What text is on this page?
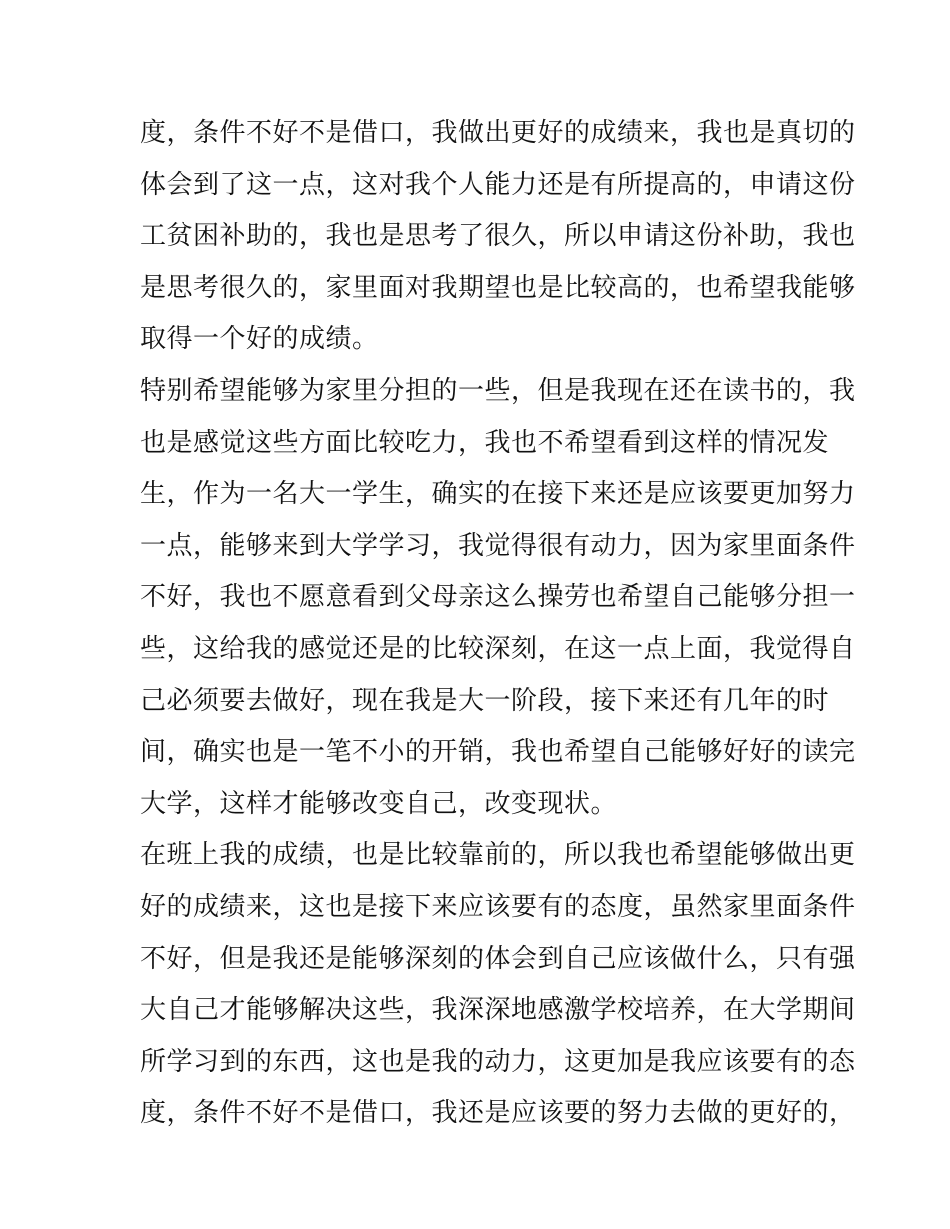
度，条件不好不是借口，我做出更好的成绩来，我也是真切的
体会到了这一点，这对我个人能力还是有所提高的，申请这份
工贫困补助的，我也是思考了很久，所以申请这份补助，我也
是思考很久的，家里面对我期望也是比较高的，也希望我能够
取得一个好的成绩。
特别希望能够为家里分担的一些，但是我现在还在读书的，我
也是感觉这些方面比较吃力，我也不希望看到这样的情况发
生，作为一名大一学生，确实的在接下来还是应该要更加努力
一点，能够来到大学学习，我觉得很有动力，因为家里面条件
不好，我也不愿意看到父母亲这么操劳也希望自己能够分担一
些，这给我的感觉还是的比较深刻，在这一点上面，我觉得自
己必须要去做好，现在我是大一阶段，接下来还有几年的时
间，确实也是一笔不小的开销，我也希望自己能够好好的读完
大学，这样才能够改变自己，改变现状。
在班上我的成绩，也是比较靠前的，所以我也希望能够做出更
好的成绩来，这也是接下来应该要有的态度，虽然家里面条件
不好，但是我还是能够深刻的体会到自己应该做什么，只有强
大自己才能够解决这些，我深深地感激学校培养，在大学期间
所学习到的东西，这也是我的动力，这更加是我应该要有的态
度，条件不好不是借口，我还是应该要的努力去做的更好的，
